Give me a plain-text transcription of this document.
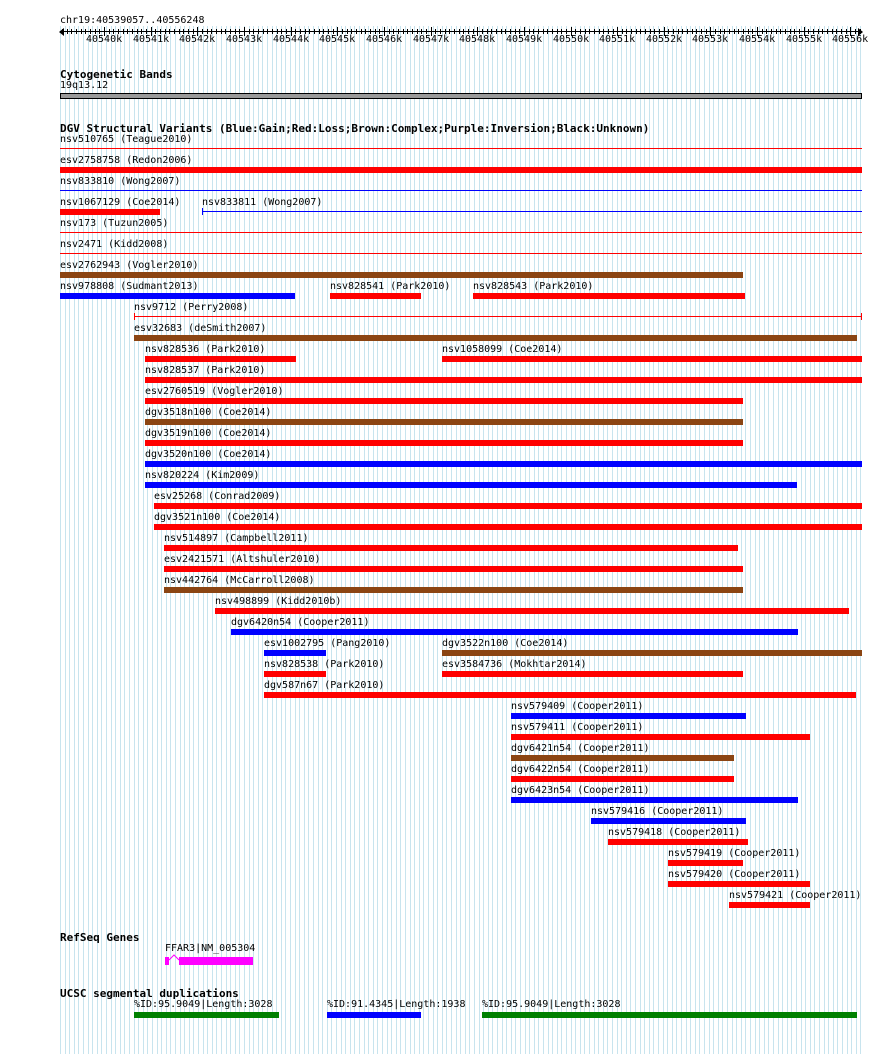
chr19:40539057..40556248
40540k 40541k 40542k 40543k 40544k 40545k 40546k 40547k 40548k 40549k 40550k 40551k 40552k 40553k 40554k 40555k 40556k
Cytogenetic Bands
19q13.12
DGV Structural Variants (Blue:Gain;Red:Loss;Brown:Complex;Purple:Inversion;Black:Unknown)
nsv510765 (Teague2010)
esv2758758 (Redon2006)
nsv833810 (Wong2007)
nsv1067129 (Coe2014) nsv833811 (Wong2007)
nsv173 (Tuzun2005)
nsv2471 (Kidd2008)
esv2762943 (Vogler2010)
nsv978808 (Sudmant2013)	nsv828541 (Park2010) nsv828543 (Park2010)
nsv9712 (Perry2008)
esv32683 (deSmith2007)
nsv828536 (Park2010)	nsv1058099 (Coe2014)
nsv828537 (Park2010)
esv2760519 (Vogler2010)
dgv3518n100 (Coe2014)
dgv3519n100 (Coe2014)
dgv3520n100 (Coe2014)
nsv820224 (Kim2009)
esv25268 (Conrad2009)
dgv3521n100 (Coe2014)
nsv514897 (Campbell2011)
esv2421571 (Altshuler2010)
nsv442764 (McCarroll2008)
nsv498899 (Kidd2010b)
dgv6420n54 (Cooper2011)
esv1002795 (Pang2010)	dgv3522n100 (Coe2014)
nsv828538 (Park2010)	esv3584736 (Mokhtar2014)
dgv587n67 (Park2010)
nsv579409 (Cooper2011)
nsv579411 (Cooper2011)
dgv6421n54 (Cooper2011)
dgv6422n54 (Cooper2011)
dgv6423n54 (Cooper2011)
nsv579416 (Cooper2011)
nsv579418 (Cooper2011)
nsv579419 (Cooper2011)
nsv579420 (Cooper2011)
nsv579421 (Cooper2011)
RefSeq Genes
FFAR3|NM_005304
UCSC segmental duplications
%ID:95.9049|Length:3028	%ID:91.4345|Length:1938 %ID:95.9049|Length:3028
